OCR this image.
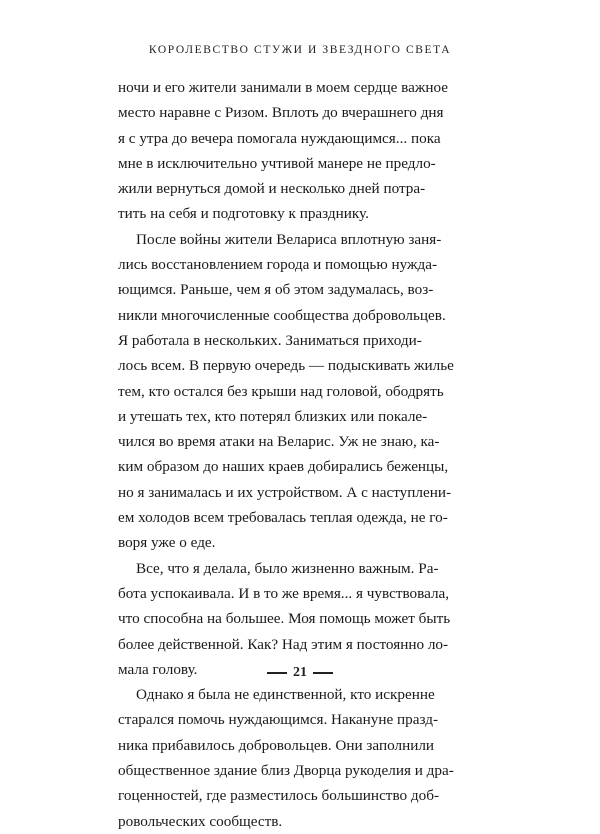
КОРОЛЕВСТВО СТУЖИ И ЗВЕЗДНОГО СВЕТА

ночи и его жители занимали в моем сердце важное
место наравне с Ризом. Вплоть до вчерашнего дня
я с утра до вечера помогала нуждающимся... пока
мне в исключительно учтивой манере не предло-
жили вернуться домой и несколько дней потра-
тить на себя и подготовку к празднику.

После войны жители Велариса вплотную заня-
лись восстановлением города и помощью нужда-
ющимся. Раньше, чем я об этом задумалась, воз-
никли многочисленные сообщества добровольцев.
Я работала в нескольких. Заниматься приходи-
лось всем. В первую очередь — подыскивать жилье
тем, кто остался без крыши над головой, ободрять
и утешать тех, кто потерял близких или покале-
чился во время атаки на Веларис. Уж не знаю, ка-
ким образом до наших краев добирались беженцы,
но я занималась и их устройством. А с наступлени-
ем холодов всем требовалась теплая одежда, не го-
воря уже о еде.

Все, что я делала, было жизненно важным. Ра-
бота успокаивала. И в то же время... я чувствовала,
что способна на большее. Моя помощь может быть
более действенной. Как? Над этим я постоянно ло-
мала голову.

Однако я была не единственной, кто искренне
старался помочь нуждающимся. Накануне празд-
ника прибавилось добровольцев. Они заполнили
общественное здание близ Дворца рукоделия и дра-
гоценностей, где разместилось большинство доб-
ровольческих сообществ.

21
